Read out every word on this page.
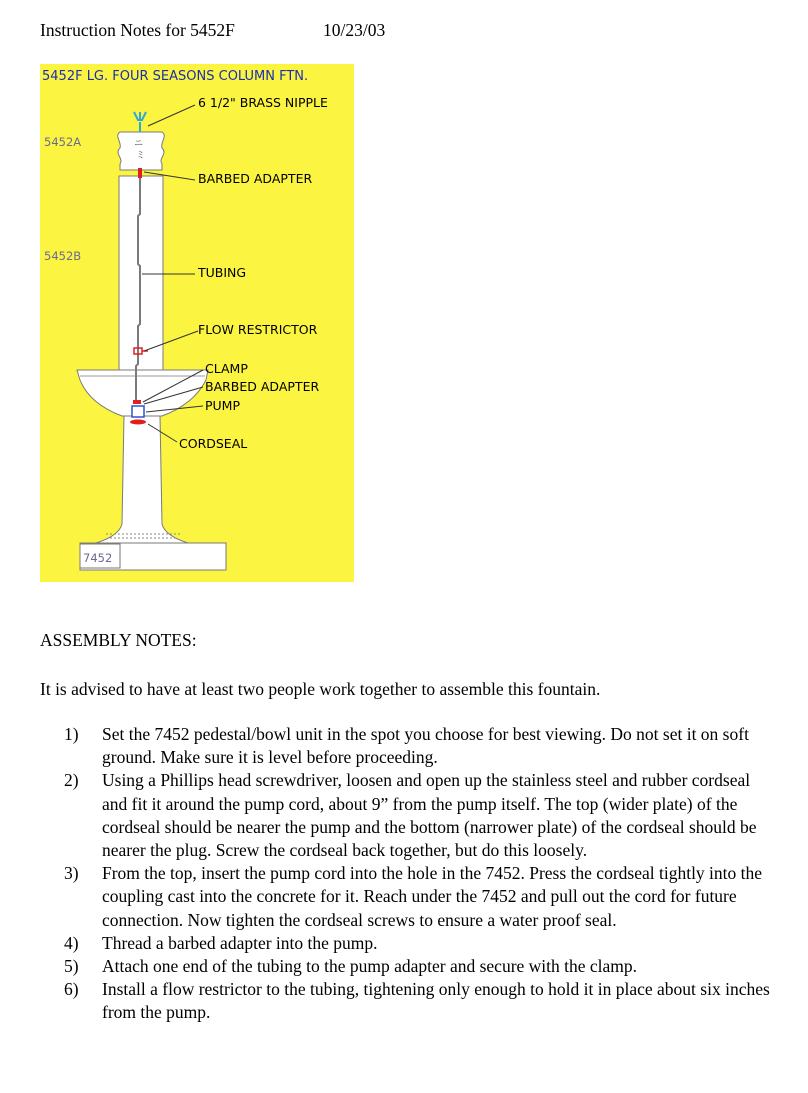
Instruction Notes for 5452F	10/23/03
5452F LG. FOUR SEASONS COLUMN FTN.
5452A
5452B
7452
ニ
ミ
6 1/2" BRASS NIPPLE
BARBED ADAPTER
TUBING
FLOW RESTRICTOR
CLAMP
BARBED ADAPTER
PUMP
CORDSEAL
ASSEMBLY NOTES:
It is advised to have at least two people work together to assemble this fountain.
1) Set the 7452 pedestal/bowl unit in the spot you choose for best viewing. Do not set it on soft ground. Make sure it is level before proceeding.
2) Using a Phillips head screwdriver, loosen and open up the stainless steel and rubber cordseal and fit it around the pump cord, about 9” from the pump itself. The top (wider plate) of the cordseal should be nearer the pump and the bottom (narrower plate) of the cordseal should be nearer the plug. Screw the cordseal back together, but do this loosely.
3) From the top, insert the pump cord into the hole in the 7452. Press the cordseal tightly into the coupling cast into the concrete for it. Reach under the 7452 and pull out the cord for future connection. Now tighten the cordseal screws to ensure a water proof seal.
4) Thread a barbed adapter into the pump.
5) Attach one end of the tubing to the pump adapter and secure with the clamp.
6) Install a flow restrictor to the tubing, tightening only enough to hold it in place about six inches from the pump.
